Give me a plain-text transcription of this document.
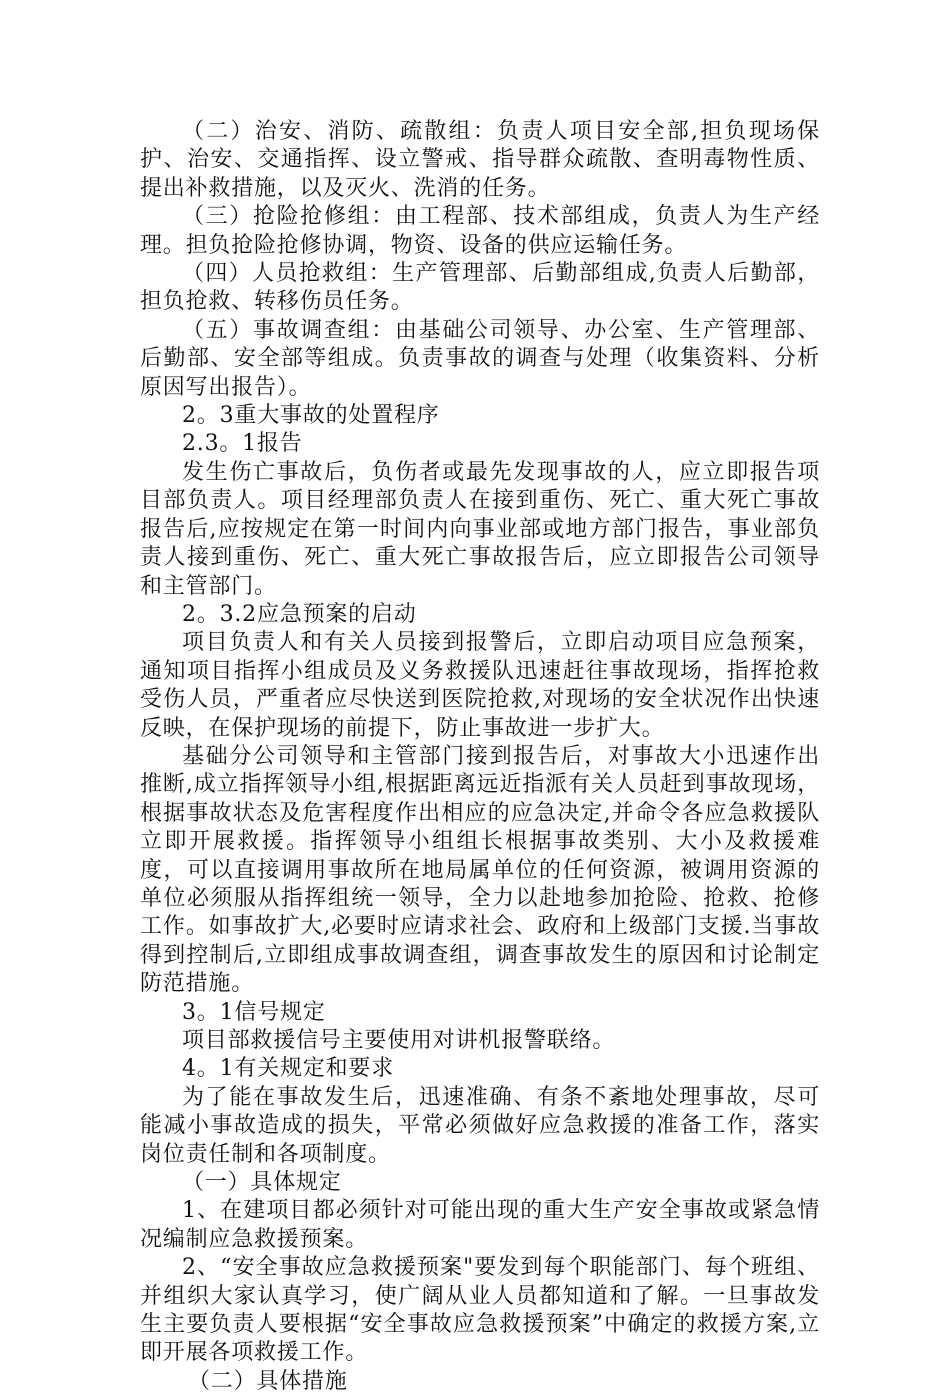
（二）治安、消防、疏散组：负责人项目安全部,担负现场保护、治安、交通指挥、设立警戒、指导群众疏散、查明毒物性质、提出补救措施，以及灭火、洗消的任务。

（三）抢险抢修组：由工程部、技术部组成，负责人为生产经理。担负抢险抢修协调，物资、设备的供应运输任务。

（四）人员抢救组：生产管理部、后勤部组成,负责人后勤部，担负抢救、转移伤员任务。

（五）事故调查组：由基础公司领导、办公室、生产管理部、后勤部、安全部等组成。负责事故的调查与处理（收集资料、分析原因写出报告）。

2。3重大事故的处置程序

2.3。1报告

发生伤亡事故后，负伤者或最先发现事故的人，应立即报告项目部负责人。项目经理部负责人在接到重伤、死亡、重大死亡事故报告后,应按规定在第一时间内向事业部或地方部门报告，事业部负责人接到重伤、死亡、重大死亡事故报告后，应立即报告公司领导和主管部门。

2。3.2应急预案的启动

项目负责人和有关人员接到报警后，立即启动项目应急预案，通知项目指挥小组成员及义务救援队迅速赶往事故现场，指挥抢救受伤人员，严重者应尽快送到医院抢救,对现场的安全状况作出快速反映，在保护现场的前提下，防止事故进一步扩大。

基础分公司领导和主管部门接到报告后，对事故大小迅速作出推断,成立指挥领导小组,根据距离远近指派有关人员赶到事故现场，根据事故状态及危害程度作出相应的应急决定,并命令各应急救援队立即开展救援。指挥领导小组组长根据事故类别、大小及救援难度，可以直接调用事故所在地局属单位的任何资源，被调用资源的单位必须服从指挥组统一领导，全力以赴地参加抢险、抢救、抢修工作。如事故扩大,必要时应请求社会、政府和上级部门支援.当事故得到控制后,立即组成事故调查组，调查事故发生的原因和讨论制定防范措施。

3。1信号规定

项目部救援信号主要使用对讲机报警联络。

4。1有关规定和要求

为了能在事故发生后，迅速准确、有条不紊地处理事故，尽可能减小事故造成的损失，平常必须做好应急救援的准备工作，落实岗位责任制和各项制度。

（一）具体规定

1、在建项目都必须针对可能出现的重大生产安全事故或紧急情况编制应急救援预案。

2、“安全事故应急救援预案"要发到每个职能部门、每个班组、并组织大家认真学习，使广阔从业人员都知道和了解。一旦事故发生主要负责人要根据“安全事故应急救援预案”中确定的救援方案,立即开展各项救援工作。

（二）具体措施
